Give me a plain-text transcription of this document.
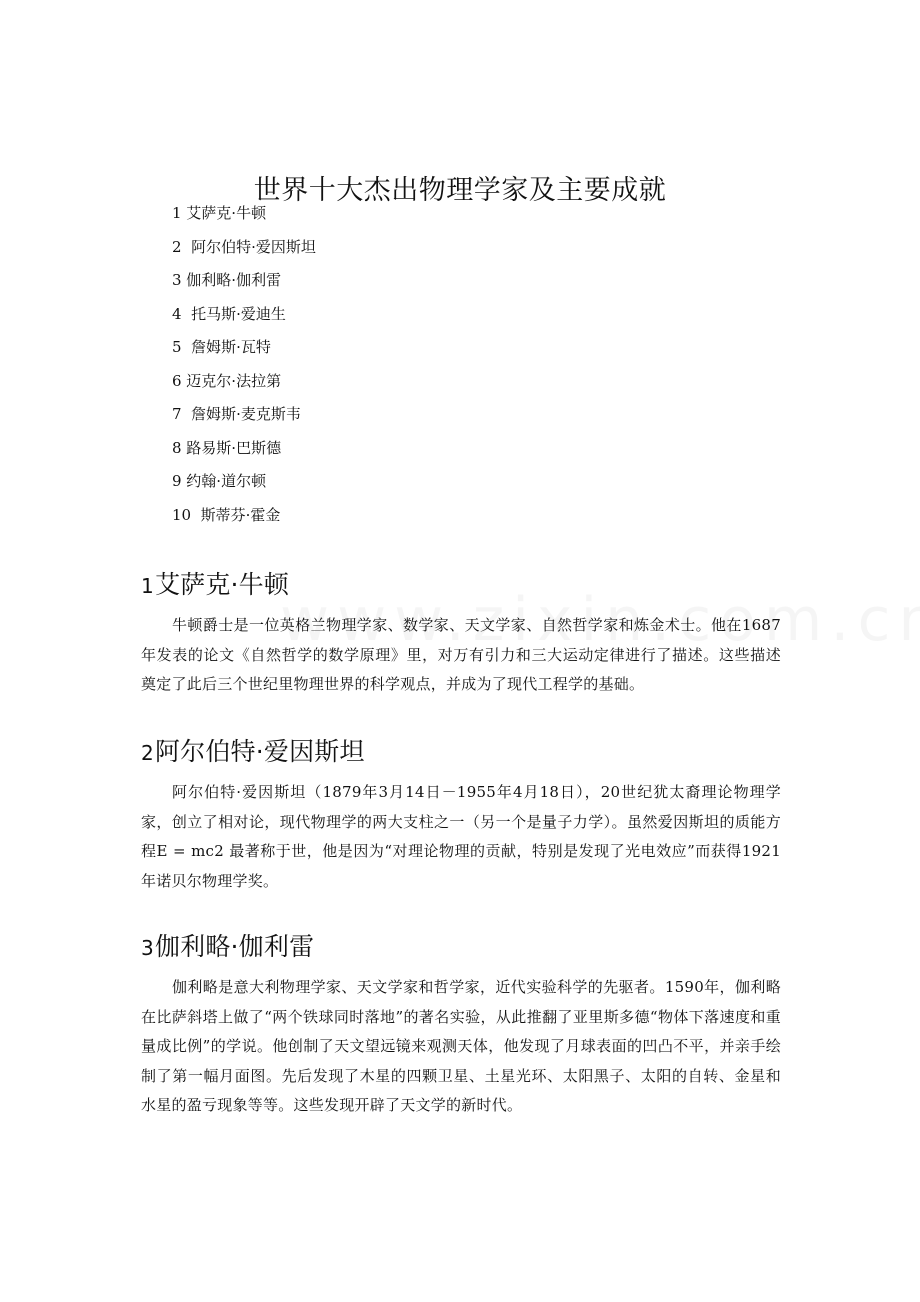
世界十大杰出物理学家及主要成就
1 艾萨克·牛顿
2  阿尔伯特·爱因斯坦
3 伽利略·伽利雷
4  托马斯·爱迪生
5  詹姆斯·瓦特
6 迈克尔·法拉第
7  詹姆斯·麦克斯韦
8 路易斯·巴斯德
9 约翰·道尔顿
10  斯蒂芬·霍金
1艾萨克·牛顿

牛顿爵士是一位英格兰物理学家、数学家、天文学家、自然哲学家和炼金术士。他在1687年发表的论文《自然哲学的数学原理》里，对万有引力和三大运动定律进行了描述。这些描述奠定了此后三个世纪里物理世界的科学观点，并成为了现代工程学的基础。

2阿尔伯特·爱因斯坦

阿尔伯特·爱因斯坦（1879年3月14日－1955年4月18日），20世纪犹太裔理论物理学家，创立了相对论，现代物理学的两大支柱之一（另一个是量子力学）。虽然爱因斯坦的质能方程E = mc2 最著称于世，他是因为“对理论物理的贡献，特别是发现了光电效应”而获得1921年诺贝尔物理学奖。

3伽利略·伽利雷

伽利略是意大利物理学家、天文学家和哲学家，近代实验科学的先驱者。1590年，伽利略在比萨斜塔上做了“两个铁球同时落地”的著名实验，从此推翻了亚里斯多德“物体下落速度和重量成比例”的学说。他创制了天文望远镜来观测天体，他发现了月球表面的凹凸不平，并亲手绘制了第一幅月面图。先后发现了木星的四颗卫星、土星光环、太阳黑子、太阳的自转、金星和水星的盈亏现象等等。这些发现开辟了天文学的新时代。
